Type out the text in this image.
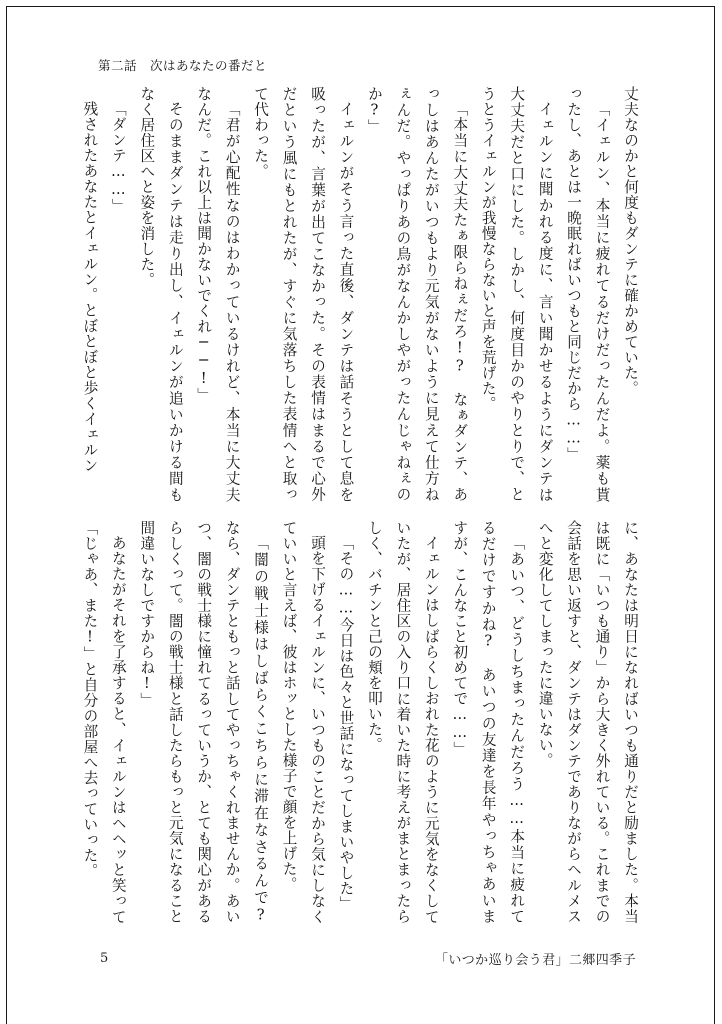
第二話　次はあなたの番だと

丈夫なのかと何度もダンテに確かめていた。

「イェルン、本当に疲れてるだけだったんだよ。薬も貰ったし、あとは一晩眠ればいつもと同じだから……」

イェルンに聞かれる度に、言い聞かせるようにダンテは大丈夫だと口にした。しかし、何度目かのやりとりで、とうとうイェルンが我慢ならないと声を荒げた。

「本当に大丈夫たぁ限らねぇだろ!?　なぁダンテ、あっしはあんたがいつもより元気がないように見えて仕方ねぇんだ。やっぱりあの鳥がなんかしやがったんじゃねぇのか?」

イェルンがそう言った直後、ダンテは話そうとして息を吸ったが、言葉が出てこなかった。その表情はまるで心外だという風にもとれたが、すぐに気落ちした表情へと取って代わった。

「君が心配性なのはわかっているけれど、本当に大丈夫なんだ。これ以上は聞かないでくれ──!」

そのままダンテは走り出し、イェルンが追いかける間もなく居住区へと姿を消した。

「ダンテ……」

残されたあなたとイェルン。とぼとぼと歩くイェルン

に、あなたは明日になればいつも通りだと励ました。本当は既に「いつも通り」から大きく外れている。これまでの会話を思い返すと、ダンテはダンテでありながらヘルメスへと変化してしまったに違いない。

「あいつ、どうしちまったんだろう……本当に疲れてるだけですかね?　あいつの友達を長年やっちゃあいますが、こんなこと初めてで……」

イェルンはしばらくしおれた花のように元気をなくしていたが、居住区の入り口に着いた時に考えがまとまったらしく、バチンと己の頬を叩いた。

「その……今日は色々と世話になってしまいやした」

頭を下げるイェルンに、いつものことだから気にしなくていいと言えば、彼はホッとした様子で顔を上げた。

「闇の戦士様はしばらくこちらに滞在なさるんで?　なら、ダンテともっと話してやっちゃくれませんか。あいつ、闇の戦士様に憧れてるっていうか、とても関心があるらしくって。闇の戦士様と話したらもっと元気になること間違いなしですからね!」

あなたがそれを了承すると、イェルンはヘヘッと笑って「じゃあ、また!」と自分の部屋へ去っていった。

5	「いつか巡り会う君」二郷四季子
